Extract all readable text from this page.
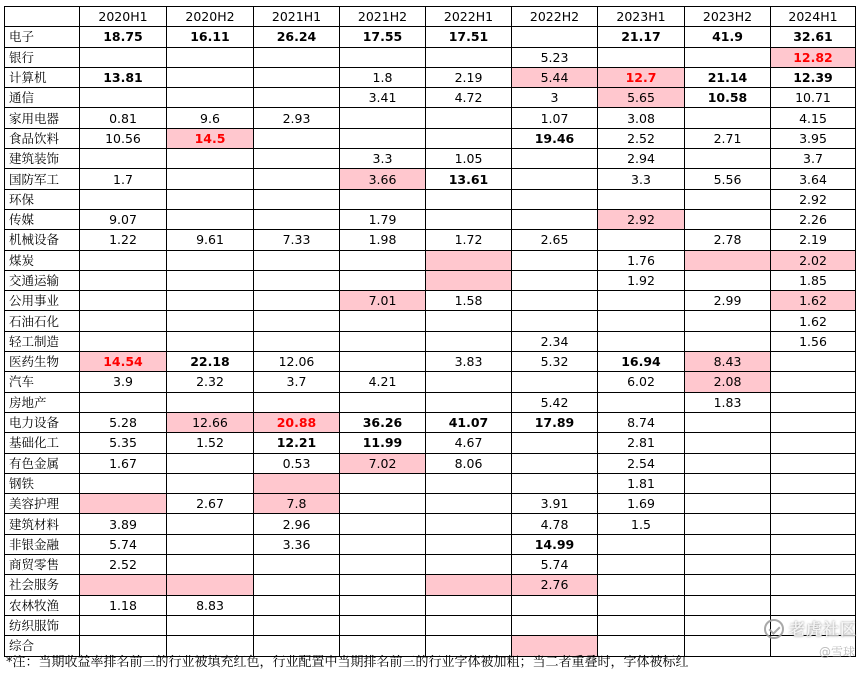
	2020H1	2020H2	2021H1	2021H2	2022H1	2022H2	2023H1	2023H2	2024H1
电子	18.75	16.11	26.24	17.55	17.51		21.17	41.9	32.61
银行						5.23			12.82
计算机	13.81			1.8	2.19	5.44	12.7	21.14	12.39
通信				3.41	4.72	3	5.65	10.58	10.71
家用电器	0.81	9.6	2.93			1.07	3.08		4.15
食品饮料	10.56	14.5				19.46	2.52	2.71	3.95
建筑装饰				3.3	1.05		2.94		3.7
国防军工	1.7			3.66	13.61		3.3	5.56	3.64
环保									2.92
传媒	9.07			1.79			2.92		2.26
机械设备	1.22	9.61	7.33	1.98	1.72	2.65		2.78	2.19
煤炭							1.76		2.02
交通运输							1.92		1.85
公用事业				7.01	1.58			2.99	1.62
石油石化									1.62
轻工制造						2.34			1.56
医药生物	14.54	22.18	12.06		3.83	5.32	16.94	8.43	
汽车	3.9	2.32	3.7	4.21			6.02	2.08	
房地产						5.42		1.83	
电力设备	5.28	12.66	20.88	36.26	41.07	17.89	8.74		
基础化工	5.35	1.52	12.21	11.99	4.67		2.81		
有色金属	1.67		0.53	7.02	8.06		2.54		
钢铁							1.81		
美容护理		2.67	7.8			3.91	1.69		
建筑材料	3.89		2.96			4.78	1.5		
非银金融	5.74		3.36			14.99			
商贸零售	2.52					5.74			
社会服务						2.76			
农林牧渔	1.18	8.83							
纺织服饰									
综合									
*注：当期收益率排名前三的行业被填充红色，行业配置中当期排名前三的行业字体被加粗；当二者重叠时，字体被标红
老虎社区
@雪球
